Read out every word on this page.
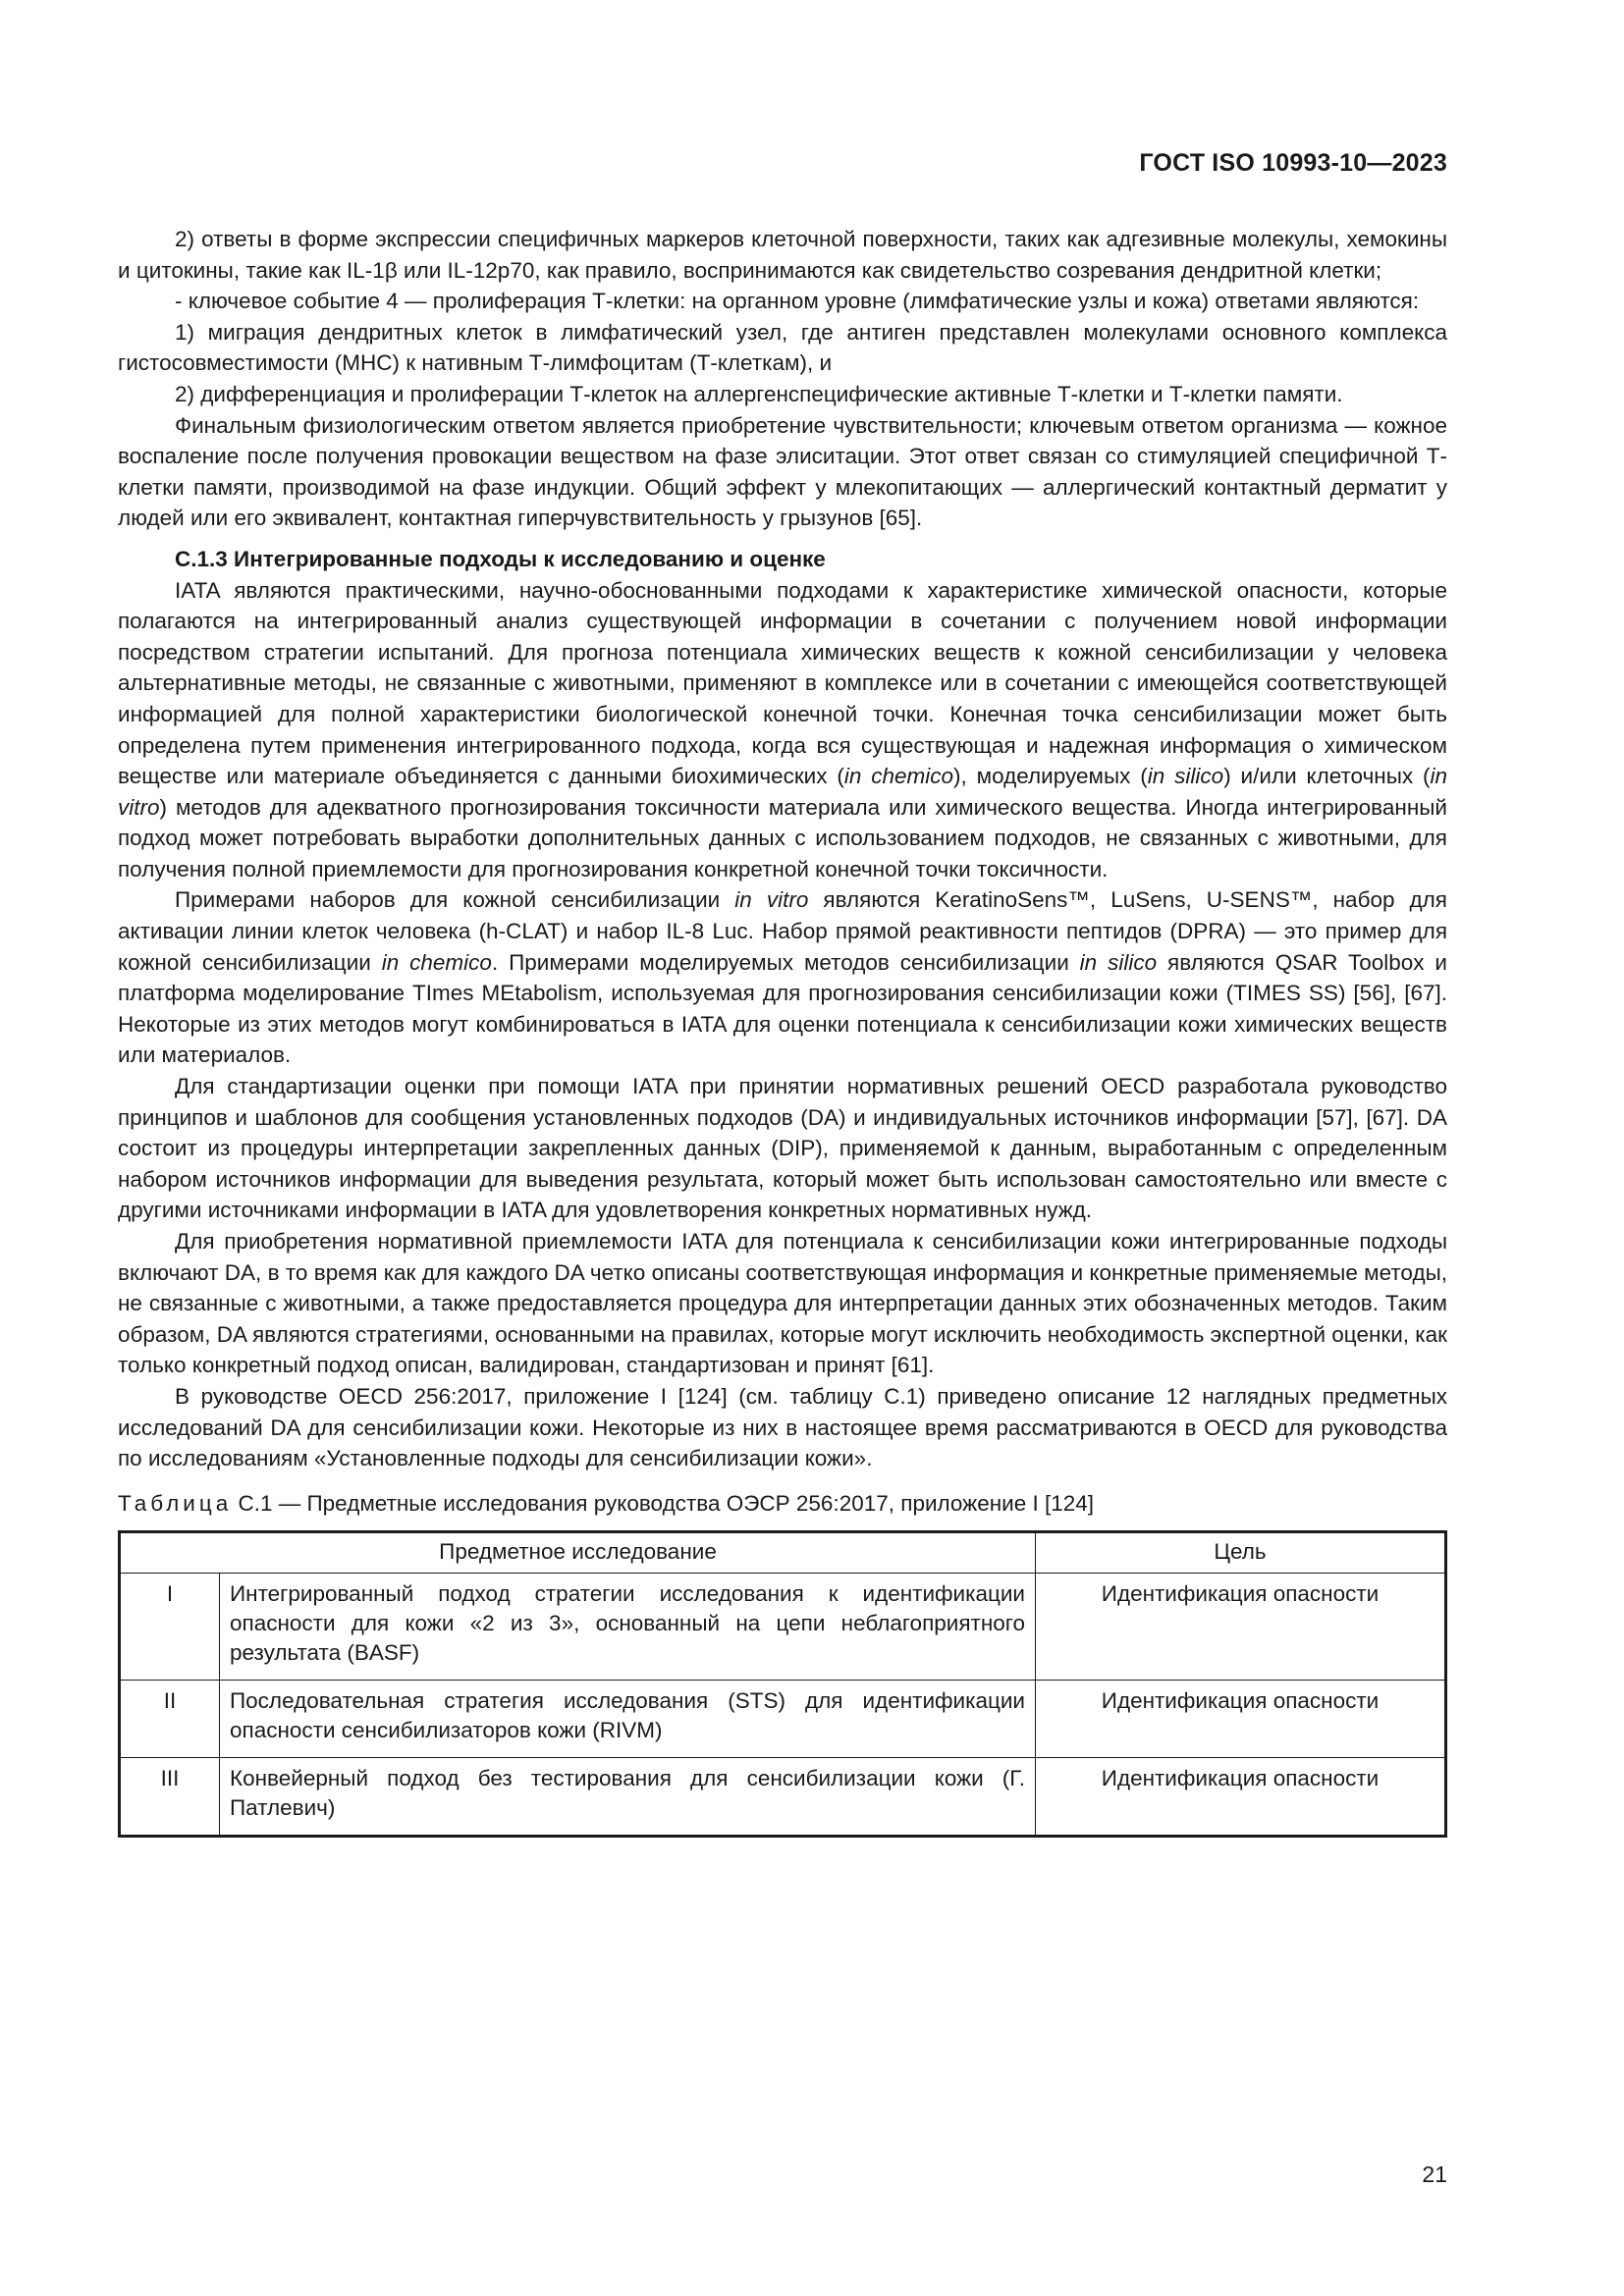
ГОСТ ISO 10993-10—2023

2) ответы в форме экспрессии специфичных маркеров клеточной поверхности, таких как адгезивные молекулы, хемокины и цитокины, такие как IL-1β или IL-12p70, как правило, воспринимаются как свидетельство созревания дендритной клетки;

- ключевое событие 4 — пролиферация Т-клетки: на органном уровне (лимфатические узлы и кожа) ответами являются:

1) миграция дендритных клеток в лимфатический узел, где антиген представлен молекулами основного комплекса гистосовместимости (МНС) к нативным Т-лимфоцитам (Т-клеткам), и

2) дифференциация и пролиферации Т-клеток на аллергенспецифические активные Т-клетки и Т-клетки памяти.

Финальным физиологическим ответом является приобретение чувствительности; ключевым ответом организма — кожное воспаление после получения провокации веществом на фазе элиситации. Этот ответ связан со стимуляцией специфичной Т-клетки памяти, производимой на фазе индукции. Общий эффект у млекопитающих — аллергический контактный дерматит у людей или его эквивалент, контактная гиперчувствительность у грызунов [65].

С.1.3 Интегрированные подходы к исследованию и оценке

IATA являются практическими, научно-обоснованными подходами к характеристике химической опасности, которые полагаются на интегрированный анализ существующей информации в сочетании с получением новой информации посредством стратегии испытаний. Для прогноза потенциала химических веществ к кожной сенсибилизации у человека альтернативные методы, не связанные с животными, применяют в комплексе или в сочетании с имеющейся соответствующей информацией для полной характеристики биологической конечной точки. Конечная точка сенсибилизации может быть определена путем применения интегрированного подхода, когда вся существующая и надежная информация о химическом веществе или материале объединяется с данными биохимических (in chemico), моделируемых (in silico) и/или клеточных (in vitro) методов для адекватного прогнозирования токсичности материала или химического вещества. Иногда интегрированный подход может потребовать выработки дополнительных данных с использованием подходов, не связанных с животными, для получения полной приемлемости для прогнозирования конкретной конечной точки токсичности.

Примерами наборов для кожной сенсибилизации in vitro являются KeratinoSens™, LuSens, U-SENS™, набор для активации линии клеток человека (h-CLAT) и набор IL-8 Luc. Набор прямой реактивности пептидов (DPRA) — это пример для кожной сенсибилизации in chemico. Примерами моделируемых методов сенсибилизации in silico являются QSAR Toolbox и платформа моделирование TImes MEtabolism, используемая для прогнозирования сенсибилизации кожи (TIMES SS) [56], [67]. Некоторые из этих методов могут комбинироваться в IATA для оценки потенциала к сенсибилизации кожи химических веществ или материалов.

Для стандартизации оценки при помощи IATA при принятии нормативных решений OECD разработала руководство принципов и шаблонов для сообщения установленных подходов (DA) и индивидуальных источников информации [57], [67]. DA состоит из процедуры интерпретации закрепленных данных (DIP), применяемой к данным, выработанным с определенным набором источников информации для выведения результата, который может быть использован самостоятельно или вместе с другими источниками информации в IATA для удовлетворения конкретных нормативных нужд.

Для приобретения нормативной приемлемости IATA для потенциала к сенсибилизации кожи интегрированные подходы включают DA, в то время как для каждого DA четко описаны соответствующая информация и конкретные применяемые методы, не связанные с животными, а также предоставляется процедура для интерпретации данных этих обозначенных методов. Таким образом, DA являются стратегиями, основанными на правилах, которые могут исключить необходимость экспертной оценки, как только конкретный подход описан, валидирован, стандартизован и принят [61].

В руководстве OECD 256:2017, приложение I [124] (см. таблицу С.1) приведено описание 12 наглядных предметных исследований DA для сенсибилизации кожи. Некоторые из них в настоящее время рассматриваются в OECD для руководства по исследованиям «Установленные подходы для сенсибилизации кожи».

Таблица С.1 — Предметные исследования руководства ОЭСР 256:2017, приложение I [124]
Предметное исследование		Цель
I	Интегрированный подход стратегии исследования к идентификации опасности для кожи «2 из 3», основанный на цепи неблагоприятного результата (BASF)	Идентификация опасности
II	Последовательная стратегия исследования (STS) для идентификации опасности сенсибилизаторов кожи (RIVM)	Идентификация опасности
III	Конвейерный подход без тестирования для сенсибилизации кожи (Г. Патлевич)	Идентификация опасности
21
